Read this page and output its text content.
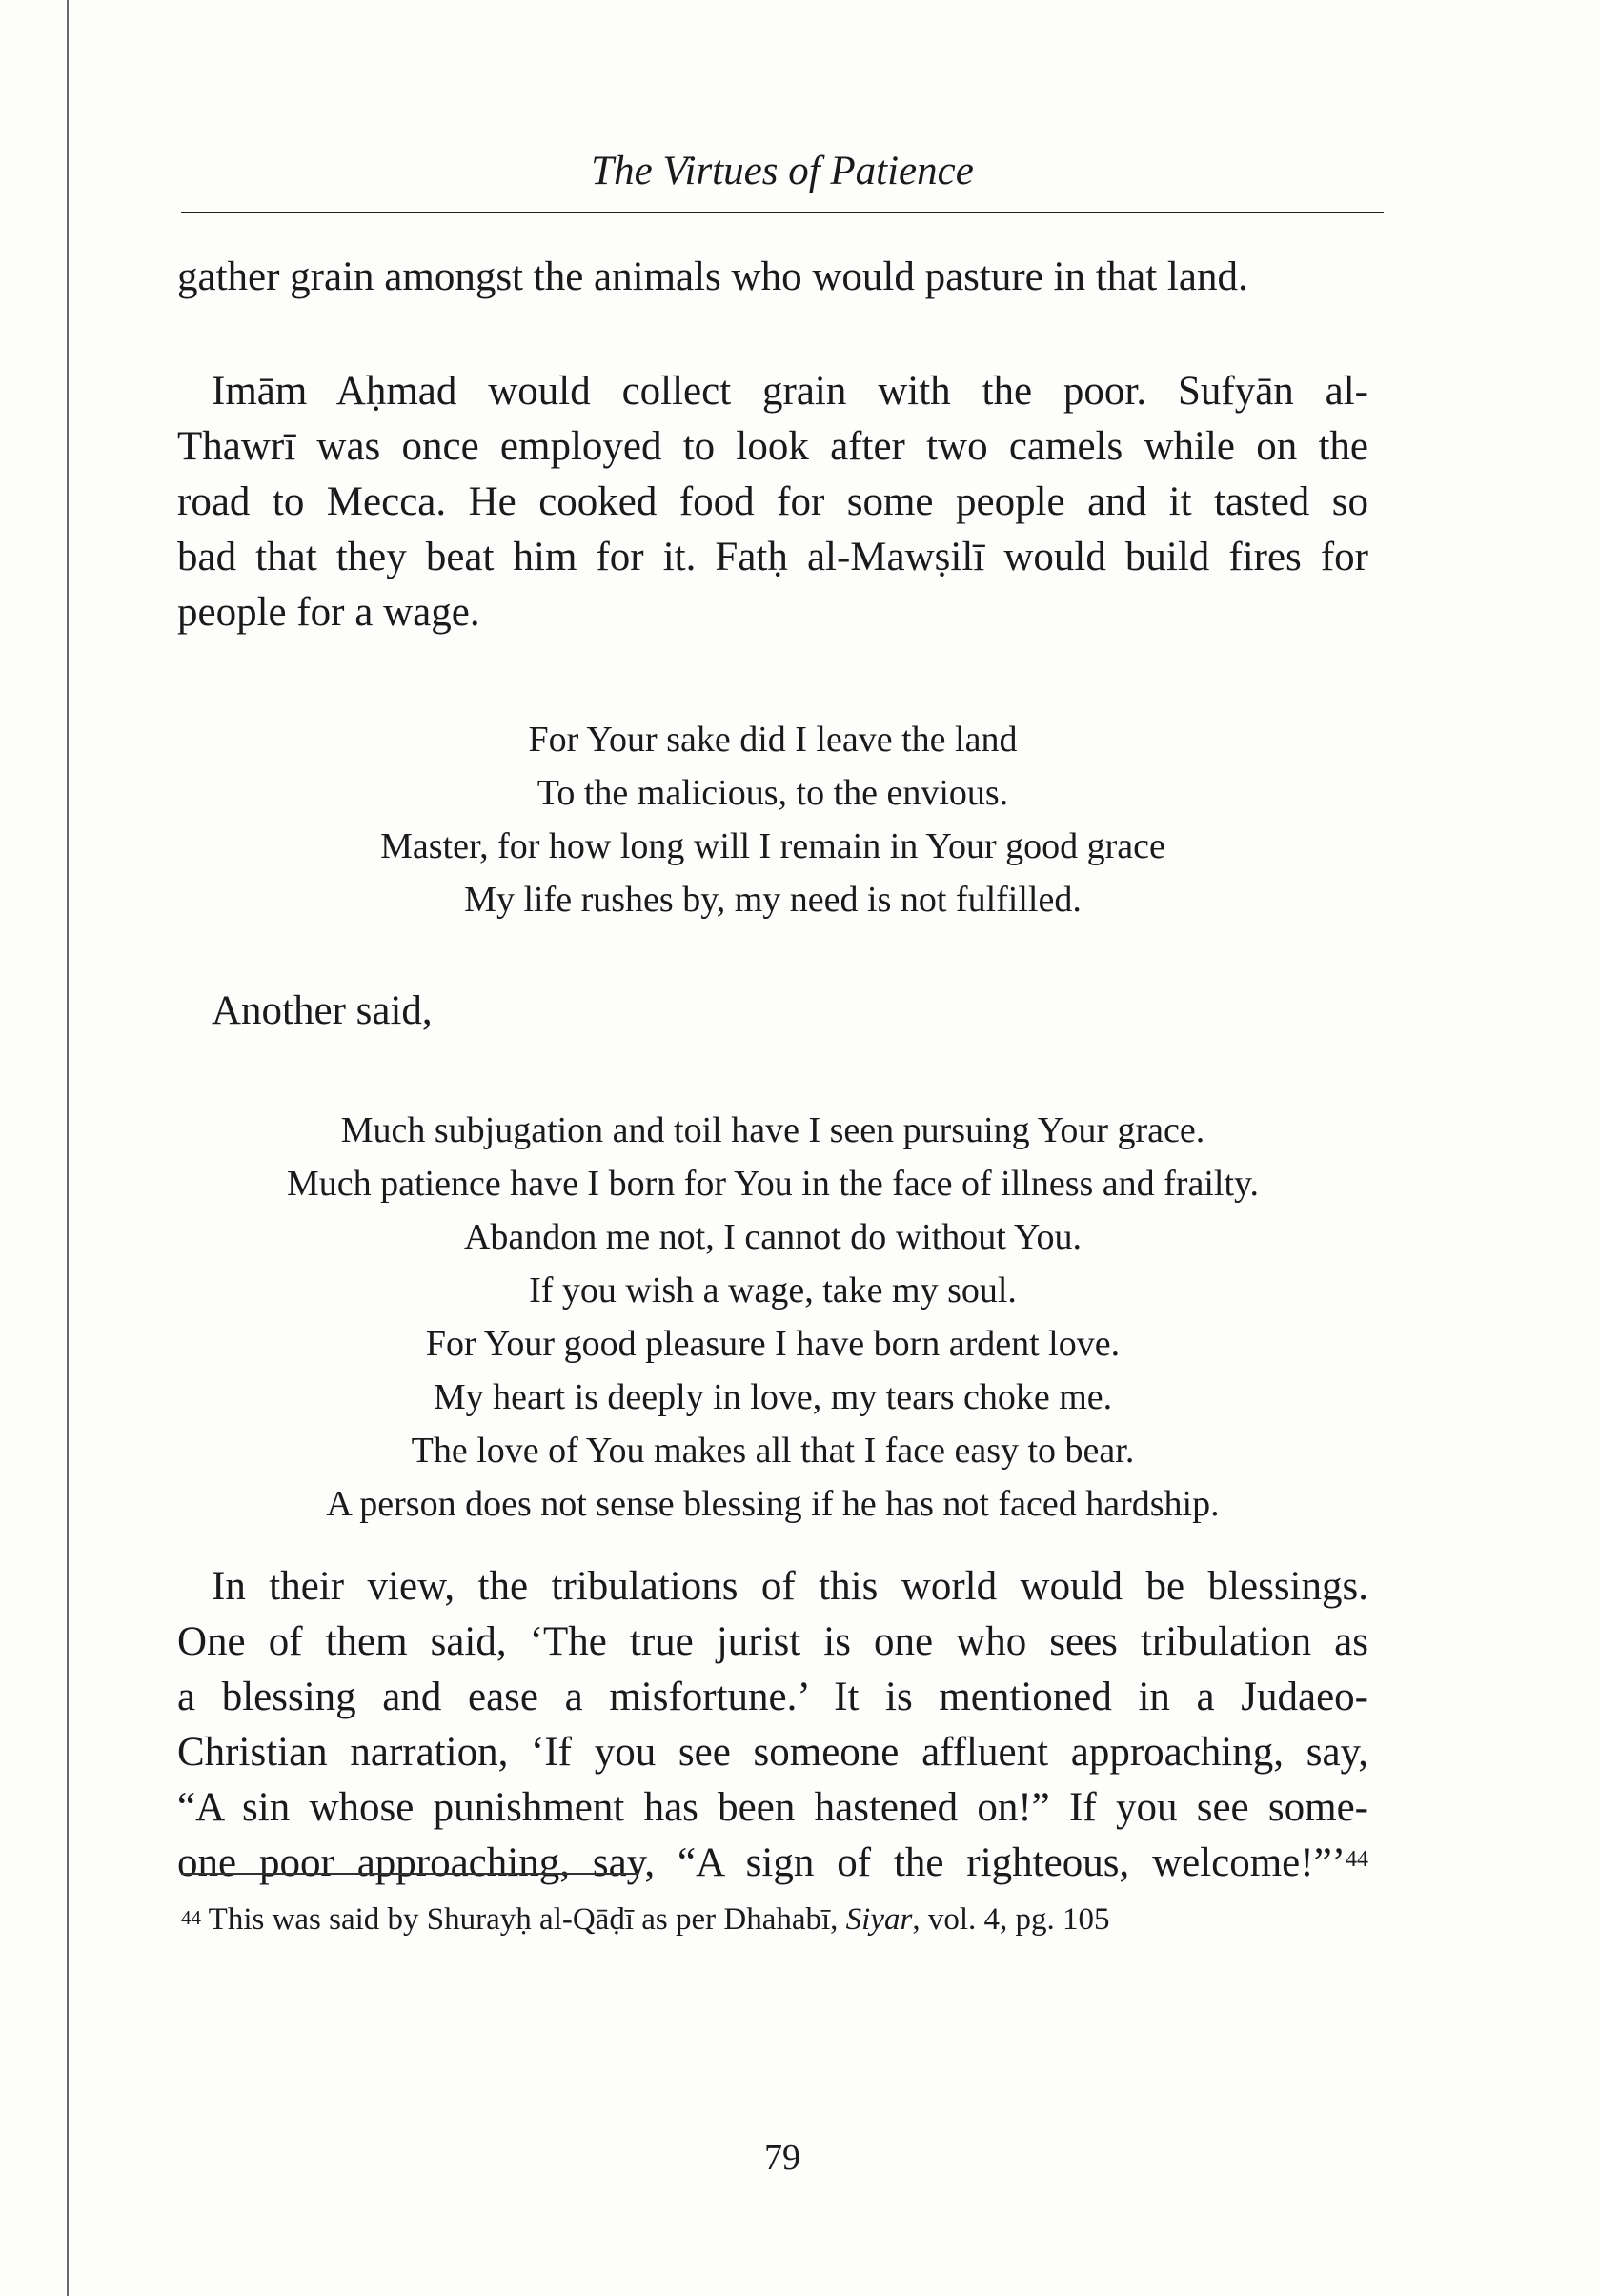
The Virtues of Patience
gather grain amongst the animals who would pasture in that land.
Imām Aḥmad would collect grain with the poor. Sufyān al-
Thawrī was once employed to look after two camels while on the
road to Mecca. He cooked food for some people and it tasted so
bad that they beat him for it. Fatḥ al-Mawṣilī would build fires for
people for a wage.
For Your sake did I leave the land
To the malicious, to the envious.
Master, for how long will I remain in Your good grace
My life rushes by, my need is not fulfilled.
Another said,
Much subjugation and toil have I seen pursuing Your grace.
Much patience have I born for You in the face of illness and frailty.
Abandon me not, I cannot do without You.
If you wish a wage, take my soul.
For Your good pleasure I have born ardent love.
My heart is deeply in love, my tears choke me.
The love of You makes all that I face easy to bear.
A person does not sense blessing if he has not faced hardship.
In their view, the tribulations of this world would be blessings.
One of them said, ‘The true jurist is one who sees tribulation as
a blessing and ease a misfortune.’ It is mentioned in a Judaeo-
Christian narration, ‘If you see someone affluent approaching, say,
“A sin whose punishment has been hastened on!” If you see some-
one poor approaching, say, “A sign of the righteous, welcome!”’$^{44}$
$^{44}$ This was said by Shurayḥ al-Qāḍī as per Dhahabī, Siyar, vol. 4, pg. 105
79
